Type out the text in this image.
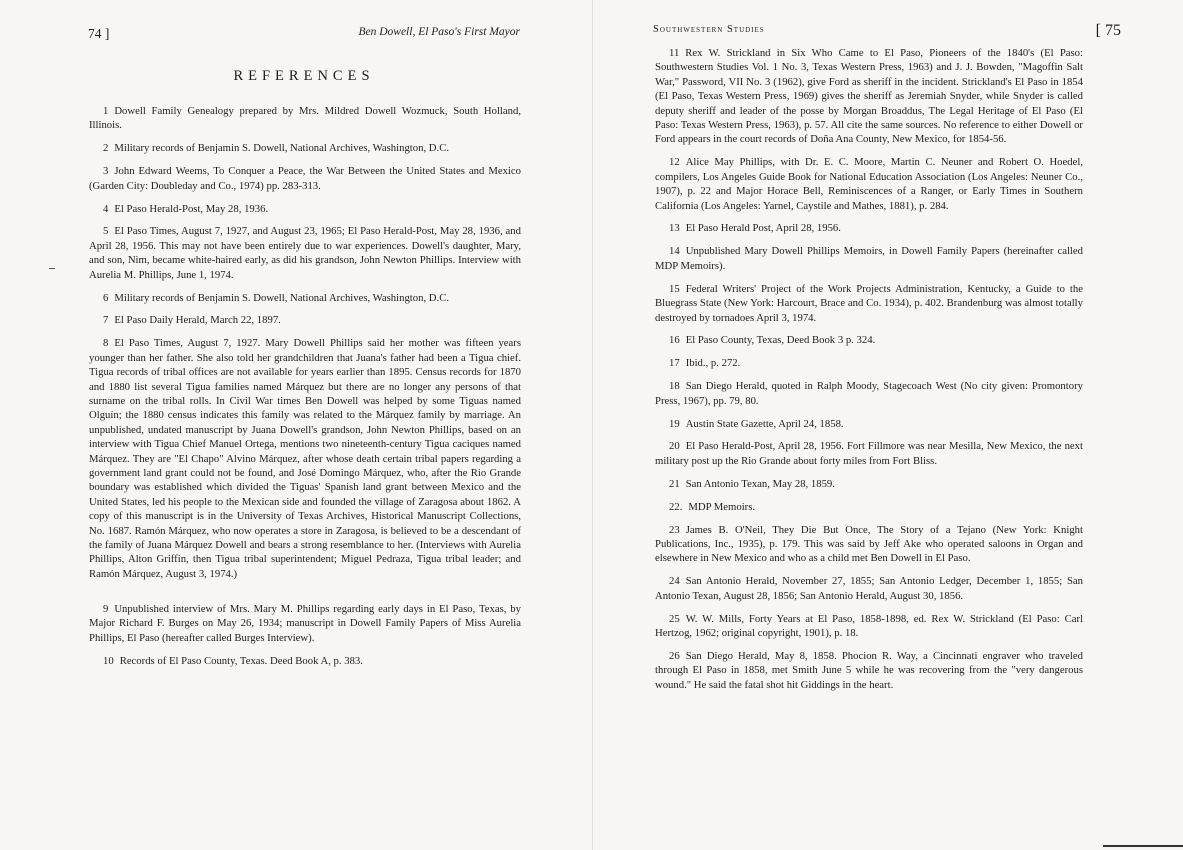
74 ]	Ben Dowell, El Paso's First Mayor
REFERENCES

1 Dowell Family Genealogy prepared by Mrs. Mildred Dowell Wozmuck, South Holland, Illinois.

2 Military records of Benjamin S. Dowell, National Archives, Washington, D.C.

3 John Edward Weems, To Conquer a Peace, the War Between the United States and Mexico (Garden City: Doubleday and Co., 1974) pp. 283-313.

4 El Paso Herald-Post, May 28, 1936.

5 El Paso Times, August 7, 1927, and August 23, 1965; El Paso Herald-Post, May 28, 1936, and April 28, 1956. This may not have been entirely due to war experiences. Dowell's daughter, Mary, and son, Nim, became white-haired early, as did his grandson, John Newton Phillips. Interview with Aurelia M. Phillips, June 1, 1974.

6 Military records of Benjamin S. Dowell, National Archives, Washington, D.C.

7 El Paso Daily Herald, March 22, 1897.

8 El Paso Times, August 7, 1927. Mary Dowell Phillips said her mother was fifteen years younger than her father. She also told her grandchildren that Juana's father had been a Tigua chief. Tigua records of tribal offices are not available for years earlier than 1895. Census records for 1870 and 1880 list several Tigua families named Márquez but there are no longer any persons of that surname on the tribal rolls. In Civil War times Ben Dowell was helped by some Tiguas named Olguín; the 1880 census indicates this family was related to the Márquez family by marriage. An unpublished, undated manuscript by Juana Dowell's grandson, John Newton Phillips, based on an interview with Tigua Chief Manuel Ortega, mentions two nineteenth-century Tigua caciques named Márquez. They are "El Chapo" Alvino Márquez, after whose death certain tribal papers regarding a government land grant could not be found, and José Domingo Márquez, who, after the Rio Grande boundary was established which divided the Tiguas' Spanish land grant between Mexico and the United States, led his people to the Mexican side and founded the village of Zaragosa about 1862. A copy of this manuscript is in the University of Texas Archives, Historical Manuscript Collections, No. 1687. Ramón Márquez, who now operates a store in Zaragosa, is believed to be a descendant of the family of Juana Márquez Dowell and bears a strong resemblance to her. (Interviews with Aurelia Phillips, Alton Griffin, then Tigua tribal superintendent; Miguel Pedraza, Tigua tribal leader; and Ramón Márquez, August 3, 1974.)

9 Unpublished interview of Mrs. Mary M. Phillips regarding early days in El Paso, Texas, by Major Richard F. Burges on May 26, 1934; manuscript in Dowell Family Papers of Miss Aurelia Phillips, El Paso (hereafter called Burges Interview).

10 Records of El Paso County, Texas. Deed Book A, p. 383.

Southwestern Studies	[ 75

11 Rex W. Strickland in Six Who Came to El Paso, Pioneers of the 1840's (El Paso: Southwestern Studies Vol. 1 No. 3, Texas Western Press, 1963) and J. J. Bowden, "Magoffin Salt War," Password, VII No. 3 (1962), give Ford as sheriff in the incident. Strickland's El Paso in 1854 (El Paso, Texas Western Press, 1969) gives the sheriff as Jeremiah Snyder, while Snyder is called deputy sheriff and leader of the posse by Morgan Broaddus, The Legal Heritage of El Paso (El Paso: Texas Western Press, 1963), p. 57. All cite the same sources. No reference to either Dowell or Ford appears in the court records of Doña Ana County, New Mexico, for 1854-56.

12 Alice May Phillips, with Dr. E. C. Moore, Martin C. Neuner and Robert O. Hoedel, compilers, Los Angeles Guide Book for National Education Association (Los Angeles: Neuner Co., 1907), p. 22 and Major Horace Bell, Reminiscences of a Ranger, or Early Times in Southern California (Los Angeles: Yarnel, Caystile and Mathes, 1881), p. 284.

13 El Paso Herald Post, April 28, 1956.

14 Unpublished Mary Dowell Phillips Memoirs, in Dowell Family Papers (hereinafter called MDP Memoirs).

15 Federal Writers' Project of the Work Projects Administration, Kentucky, a Guide to the Bluegrass State (New York: Harcourt, Brace and Co. 1934), p. 402. Brandenburg was almost totally destroyed by tornadoes April 3, 1974.

16 El Paso County, Texas, Deed Book 3 p. 324.

17 Ibid., p. 272.

18 San Diego Herald, quoted in Ralph Moody, Stagecoach West (No city given: Promontory Press, 1967), pp. 79, 80.

19 Austin State Gazette, April 24, 1858.

20 El Paso Herald-Post, April 28, 1956. Fort Fillmore was near Mesilla, New Mexico, the next military post up the Rio Grande about forty miles from Fort Bliss.

21 San Antonio Texan, May 28, 1859.

22. MDP Memoirs.

23 James B. O'Neil, They Die But Once, The Story of a Tejano (New York: Knight Publications, Inc., 1935), p. 179. This was said by Jeff Ake who operated saloons in Organ and elsewhere in New Mexico and who as a child met Ben Dowell in El Paso.

24 San Antonio Herald, November 27, 1855; San Antonio Ledger, December 1, 1855; San Antonio Texan, August 28, 1856; San Antonio Herald, August 30, 1856.

25 W. W. Mills, Forty Years at El Paso, 1858-1898, ed. Rex W. Strickland (El Paso: Carl Hertzog, 1962; original copyright, 1901), p. 18.

26 San Diego Herald, May 8, 1858. Phocion R. Way, a Cincinnati engraver who traveled through El Paso in 1858, met Smith June 5 while he was recovering from the "very dangerous wound." He said the fatal shot hit Giddings in the heart.
